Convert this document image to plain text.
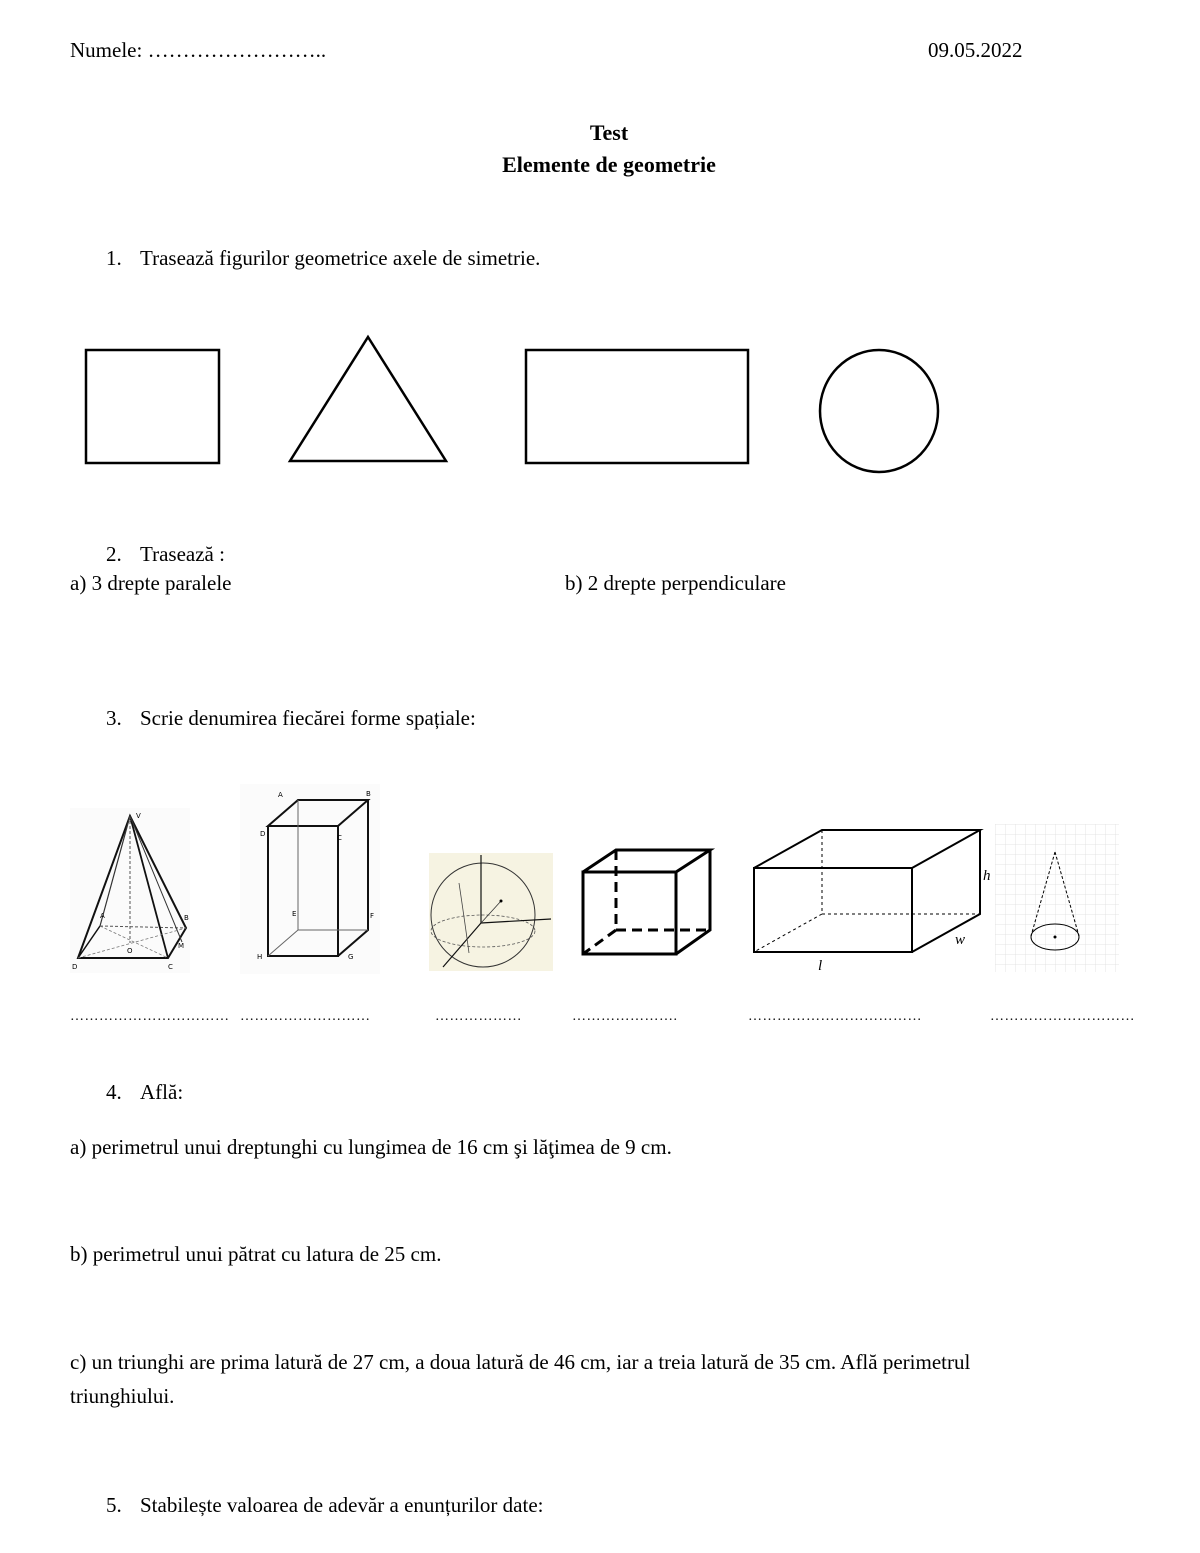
Numele: ……………………..	09.05.2022
Test
Elemente de geometrie
1. Trasează figurilor geometrice axele de simetrie.
2. Trasează :
a) 3 drepte paralele	b) 2 drepte perpendiculare
3. Scrie denumirea fiecărei forme spațiale:
V
A	B
C
D
O
M
A	B
C
D
E	F
G
H
h
w
l
…………………………… ………………………	………………	………………….	………………………………	…………………………
4. Află:
a) perimetrul unui dreptunghi cu lungimea de 16 cm şi lăţimea de 9 cm.
b) perimetrul unui pătrat cu latura de 25 cm.
c) un triunghi are prima latură de 27 cm, a doua latură de 46 cm, iar a treia latură de 35 cm. Află perimetrul
triunghiului.
5. Stabilește valoarea de adevăr a enunțurilor date:
